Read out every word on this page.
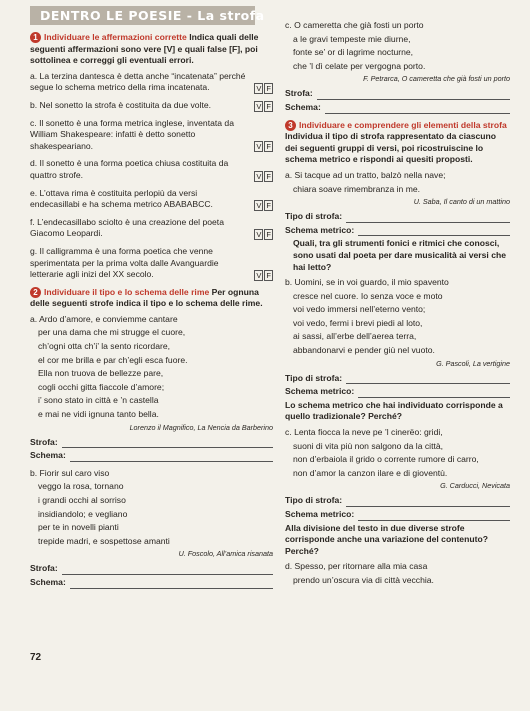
DENTRO LE POESIE - La strofa

1 Individuare le affermazioni corrette Indica quali delle seguenti affermazioni sono vere [V] e quali false [F], poi sottolinea e correggi gli eventuali errori.

a. La terzina dantesca è detta anche “incatenata” perché segue lo schema metrico della rima incatenata.	V F
b. Nel sonetto la strofa è costituita da due volte.	V F
c. Il sonetto è una forma metrica inglese, inventata da William Shakespeare: infatti è detto sonetto shakespeariano.	V F
d. Il sonetto è una forma poetica chiusa costituita da quattro strofe.	V F
e. L’ottava rima è costituita perlopiù da versi endecasillabi e ha schema metrico ABABABCC.	V F
f. L’endecasillabo sciolto è una creazione del poeta Giacomo Leopardi.	V F
g. Il calligramma è una forma poetica che venne sperimentata per la prima volta dalle Avanguardie letterarie agli inizi del XX secolo.	V F

2 Individuare il tipo e lo schema delle rime Per ognuna delle seguenti strofe indica il tipo e lo schema delle rime.

a. Ardo d’amore, e conviemme cantare
per una dama che mi strugge el cuore,
ch’ogni otta ch’i’ la sento ricordare,
el cor me brilla e par ch’egli esca fuore.
Ella non truova de bellezze pare,
cogli occhi gitta fiaccole d’amore;
i’ sono stato in città e ’n castella
e mai ne vidi ignuna tanto bella.
Lorenzo il Magnifico, La Nencia da Barberino
Strofa:
Schema:
b. Fiorir sul caro viso
veggo la rosa, tornano
i grandi occhi al sorriso
insidiandolo; e vegliano
per te in novelli pianti
trepide madri, e sospettose amanti
U. Foscolo, All’amica risanata
Strofa:
Schema:
72
c. O cameretta che già fosti un porto
a le gravi tempeste mie diurne,
fonte se’ or di lagrime nocturne,
che ’l dì celate per vergogna porto.
F. Petrarca, O cameretta che già fosti un porto
Strofa:
Schema:

3 Individuare e comprendere gli elementi della strofa Individua il tipo di strofa rappresentato da ciascuno dei seguenti gruppi di versi, poi ricostruiscine lo schema metrico e rispondi ai quesiti proposti.

a. Si tacque ad un tratto, balzò nella nave;
chiara soave rimembranza in me.
U. Saba, Il canto di un mattino
Tipo di strofa:
Schema metrico:

Quali, tra gli strumenti fonici e ritmici che conosci, sono usati dal poeta per dare musicalità ai versi che hai letto?

b. Uomini, se in voi guardo, il mio spavento
cresce nel cuore. Io senza voce e moto
voi vedo immersi nell’eterno vento;
voi vedo, fermi i brevi piedi al loto,
ai sassi, all’erbe dell’aerea terra,
abbandonarvi e pender giù nel vuoto.
G. Pascoli, La vertigine
Tipo di strofa:
Schema metrico:

Lo schema metrico che hai individuato corrisponde a quello tradizionale? Perché?

c. Lenta fiocca la neve pe ’l cinerëo: gridi,
suoni di vita più non salgono da la città,
non d’erbaiola il grido o corrente rumore di carro,
non d’amor la canzon ilare e di gioventù.
G. Carducci, Nevicata
Tipo di strofa:
Schema metrico:

Alla divisione del testo in due diverse strofe corrisponde anche una variazione del contenuto? Perché?

d. Spesso, per ritornare alla mia casa
prendo un’oscura via di città vecchia.
